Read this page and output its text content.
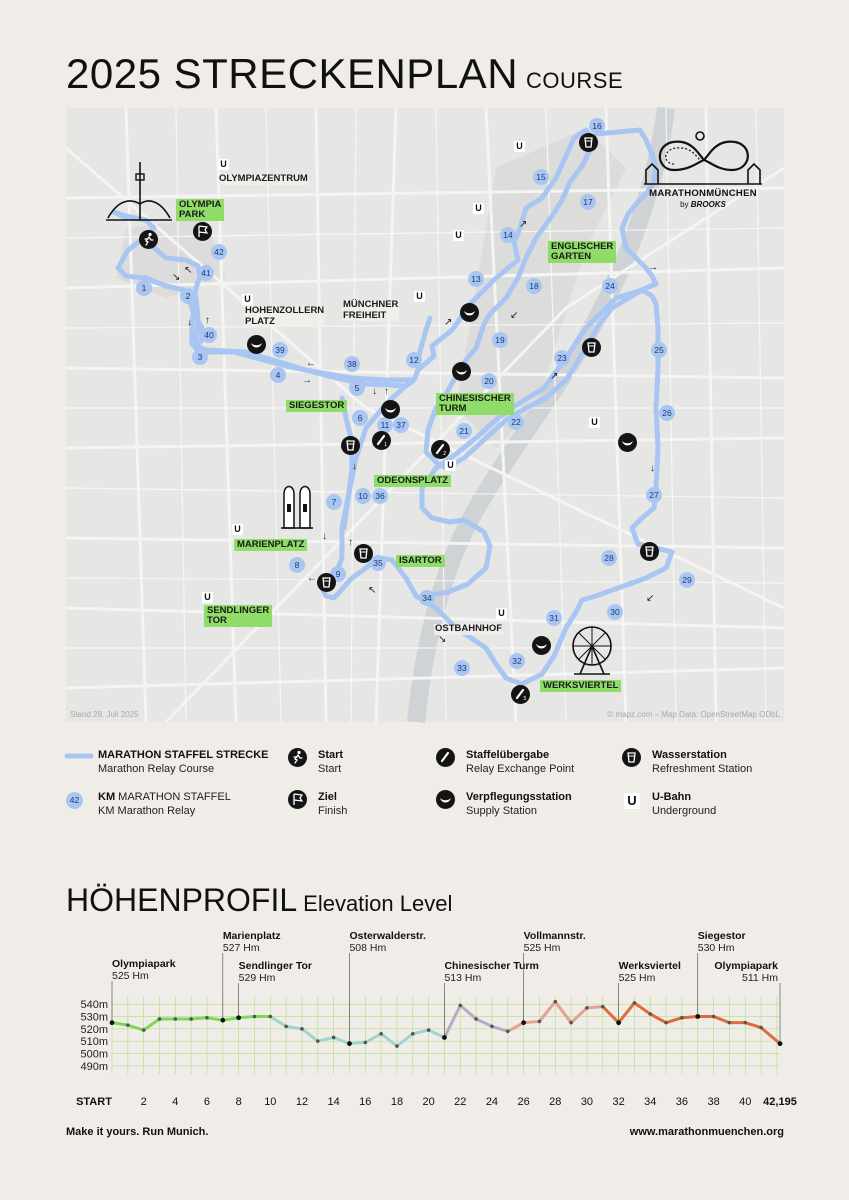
2025 STRECKENPLAN COURSE
MARATHONMÜNCHEN
by BROOKS
OLYMPIAZENTRUM
HOHENZOLLERN
PLATZ
MÜNCHNER
FREIHEIT
OSTBAHNHOF
OLYMPIA
PARK
ENGLISCHER
GARTEN
SIEGESTOR
CHINESISCHER
TURM
ODEONSPLATZ
MARIENPLATZ
ISARTOR
SENDLINGER
TOR
WERKSVIERTEL
U
U
U
U
U	U
U
U
U
U
U
1
2
3
4
5
6
7
8
9
10
11
12
13
14
15
16
17
18
19
20
21
22
23
24
25
26
27
28
29
30
31
32
33
34
35
36
37
38
39
40
41
42
1
2
3
↘
↖
↓ ↑
←
→
↓ ↑
↗
↗
↙
↗
→
↓
↙
↓
↓
↑
↖
←
↘
Stand 28. Juli 2025	© mapz.com – Map Data: OpenStreetMap ODbL
MARATHON STAFFEL STRECKE
Marathon Relay Course
Start
Start
Staffelübergabe
Relay Exchange Point
Wasserstation
Refreshment Station
42	KM MARATHON STAFFEL
KM Marathon Relay
Ziel
Finish
Verpflegungsstation
Supply Station
U	U-Bahn
Underground
HÖHENPROFIL Elevation Level
490m
500m
510m
520m
530m
540m
Olympiapark
525 Hm
Marienplatz
527 Hm
Sendlinger Tor
529 Hm
Osterwalderstr.
508 Hm
Chinesischer Turm
513 Hm
Vollmannstr.
525 Hm
Werksviertel
525 Hm
Siegestor
530 Hm
Olympiapark
511 Hm
START	2 4 6 8 10 12 14 16 18 20 22 24 26 28 30 32 34 36 38 40 42,195
Make it yours. Run Munich.	www.marathonmuenchen.org
